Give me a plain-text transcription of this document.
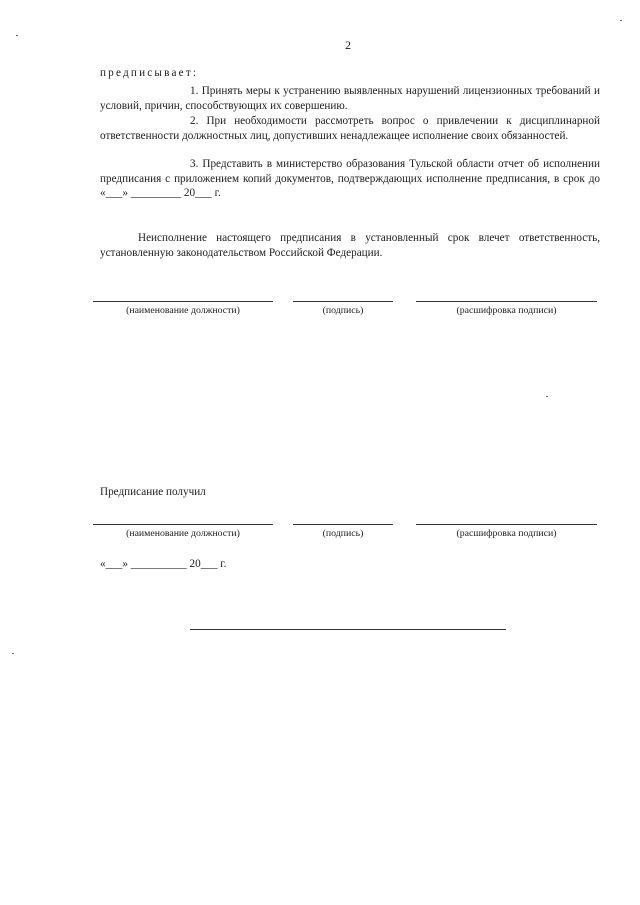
2
предписывает:

1. Принять меры к устранению выявленных нарушений лицензионных требований и условий, причин, способствующих их совершению.

2. При необходимости рассмотреть вопрос о привлечении к дисциплинарной ответственности должностных лиц, допустивших ненадлежащее исполнение своих обязанностей.

3. Представить в министерство образования Тульской области отчет об исполнении предписания с приложением копий документов, подтверждающих исполнение предписания, в срок до «___» _________ 20___ г.

Неисполнение настоящего предписания в установленный срок влечет ответственность, установленную законодательством Российской Федерации.

(наименование должности)	(подпись)	(расшифровка подписи)
Предписание получил
(наименование должности)	(подпись)	(расшифровка подписи)
«___» __________ 20___ г.
